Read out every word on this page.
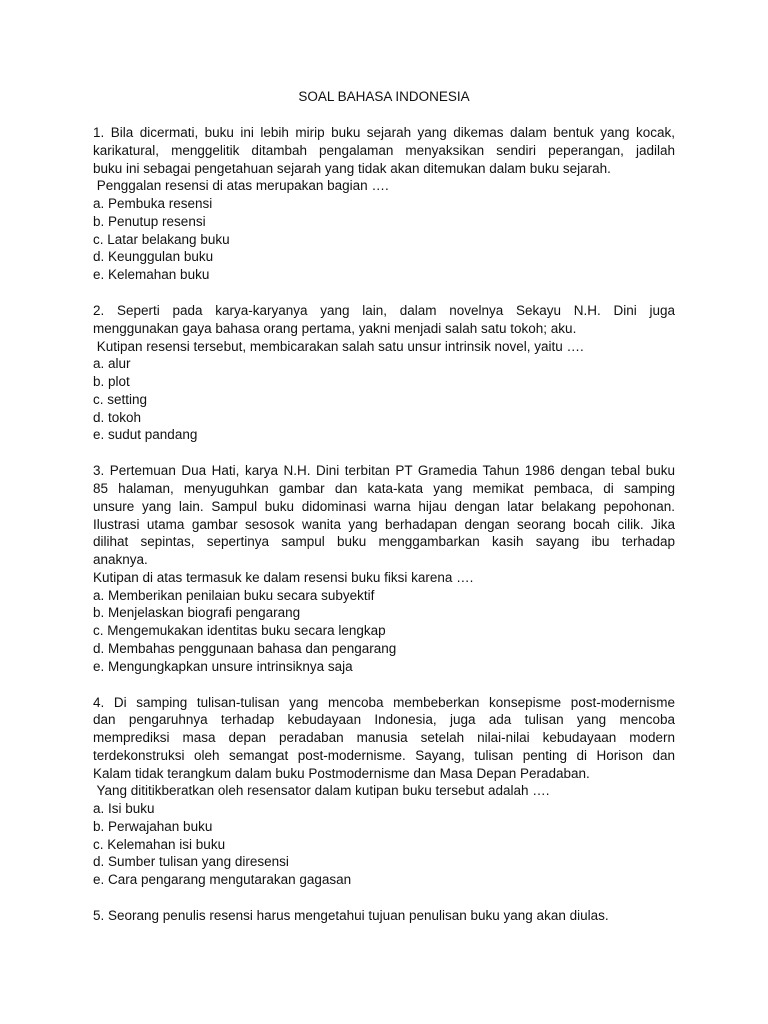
SOAL BAHASA INDONESIA
1. Bila dicermati, buku ini lebih mirip buku sejarah yang dikemas dalam bentuk yang kocak,
karikatural, menggelitik ditambah pengalaman menyaksikan sendiri peperangan, jadilah
buku ini sebagai pengetahuan sejarah yang tidak akan ditemukan dalam buku sejarah.
Penggalan resensi di atas merupakan bagian ….
a. Pembuka resensi
b. Penutup resensi
c. Latar belakang buku
d. Keunggulan buku
e. Kelemahan buku
2. Seperti pada karya-karyanya yang lain, dalam novelnya Sekayu N.H. Dini juga
menggunakan gaya bahasa orang pertama, yakni menjadi salah satu tokoh; aku.
Kutipan resensi tersebut, membicarakan salah satu unsur intrinsik novel, yaitu ….
a. alur
b. plot
c. setting
d. tokoh
e. sudut pandang
3. Pertemuan Dua Hati, karya N.H. Dini terbitan PT Gramedia Tahun 1986 dengan tebal buku
85 halaman, menyuguhkan gambar dan kata-kata yang memikat pembaca, di samping
unsure yang lain. Sampul buku didominasi warna hijau dengan latar belakang pepohonan.
Ilustrasi utama gambar sesosok wanita yang berhadapan dengan seorang bocah cilik. Jika
dilihat sepintas, sepertinya sampul buku menggambarkan kasih sayang ibu terhadap
anaknya.
Kutipan di atas termasuk ke dalam resensi buku fiksi karena ….
a. Memberikan penilaian buku secara subyektif
b. Menjelaskan biografi pengarang
c. Mengemukakan identitas buku secara lengkap
d. Membahas penggunaan bahasa dan pengarang
e. Mengungkapkan unsure intrinsiknya saja
4. Di samping tulisan-tulisan yang mencoba membeberkan konsepisme post-modernisme
dan pengaruhnya terhadap kebudayaan Indonesia, juga ada tulisan yang mencoba
memprediksi masa depan peradaban manusia setelah nilai-nilai kebudayaan modern
terdekonstruksi oleh semangat post-modernisme. Sayang, tulisan penting di Horison dan
Kalam tidak terangkum dalam buku Postmodernisme dan Masa Depan Peradaban.
Yang dititikberatkan oleh resensator dalam kutipan buku tersebut adalah ….
a. Isi buku
b. Perwajahan buku
c. Kelemahan isi buku
d. Sumber tulisan yang diresensi
e. Cara pengarang mengutarakan gagasan
5. Seorang penulis resensi harus mengetahui tujuan penulisan buku yang akan diulas.
